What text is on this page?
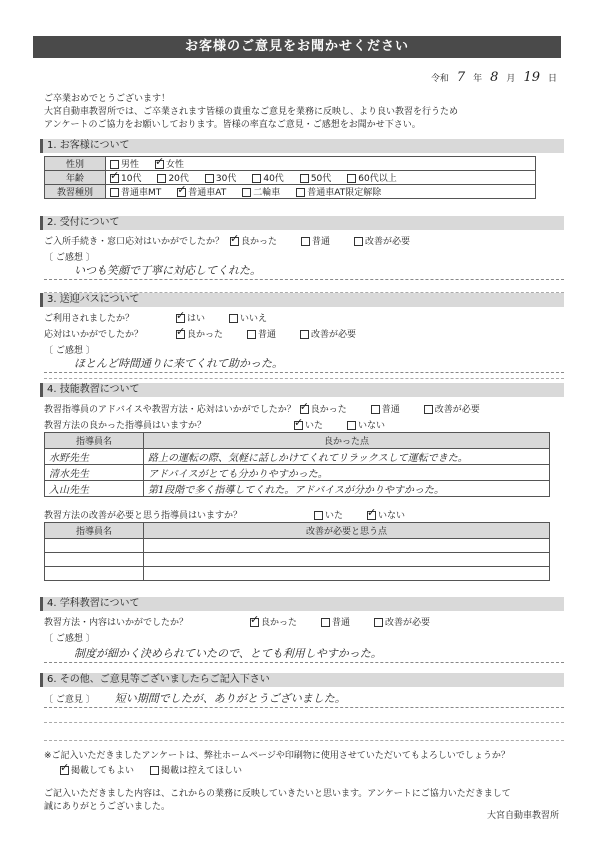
お客様のご意見をお聞かせください
令和 7 年 8 月 19 日
ご卒業おめでとうございます！
大宮自動車教習所では、ご卒業されます皆様の貴重なご意見を業務に反映し、より良い教習を行うため
アンケートのご協力をお願いしております。皆様の率直なご意見・ご感想をお聞かせ下さい。
1. お客様について
性別	男性 ✓ 女性
年齢	✓10代 20代 30代 40代 50代 60代以上
教習種別	普通車MT ✓ 普通車AT 二輪車 普通車AT限定解除
2. 受付について
ご入所手続き・窓口応対はいかがでしたか？ ✓ 良かった	普通	改善が必要
〔 ご感想 〕
いつも笑顔で丁寧に対応してくれた。
3. 送迎バスについて
ご利用されましたか？ ✓	はい	いいえ
応対はいかがでしたか？ ✓	良かった	普通	改善が必要
〔 ご感想 〕
ほとんど時間通りに来てくれて助かった。
4. 技能教習について
教習指導員のアドバイスや教習方法・応対はいかがでしたか？ ✓ 良かった	普通	改善が必要
教習方法の良かった指導員はいますか？ ✓	いた	いない
指導員名	良かった点
水野先生	路上の運転の際、気軽に話しかけてくれてリラックスして運転できた。
清水先生	アドバイスがとても分かりやすかった。
入山先生	第1段階で多く指導してくれた。アドバイスが分かりやすかった。
教習方法の改善が必要と思う指導員はいますか？	いた ✓	いない
指導員名	改善が必要と思う点

4. 学科教習について
教習方法・内容はいかがでしたか？ ✓	良かった	普通	改善が必要
〔 ご感想 〕
制度が細かく決められていたので、とても利用しやすかった。
6. その他、ご意見等ございましたらご記入下さい
〔 ご意見 〕 短い期間でしたが、ありがとうございました。
※ご記入いただきましたアンケートは、弊社ホームページや印刷物に使用させていただいてもよろしいでしょうか？
✓掲載してもよい	掲載は控えてほしい
ご記入いただきました内容は、これからの業務に反映していきたいと思います。アンケートにご協力いただきまして
誠にありがとうございました。
大宮自動車教習所
